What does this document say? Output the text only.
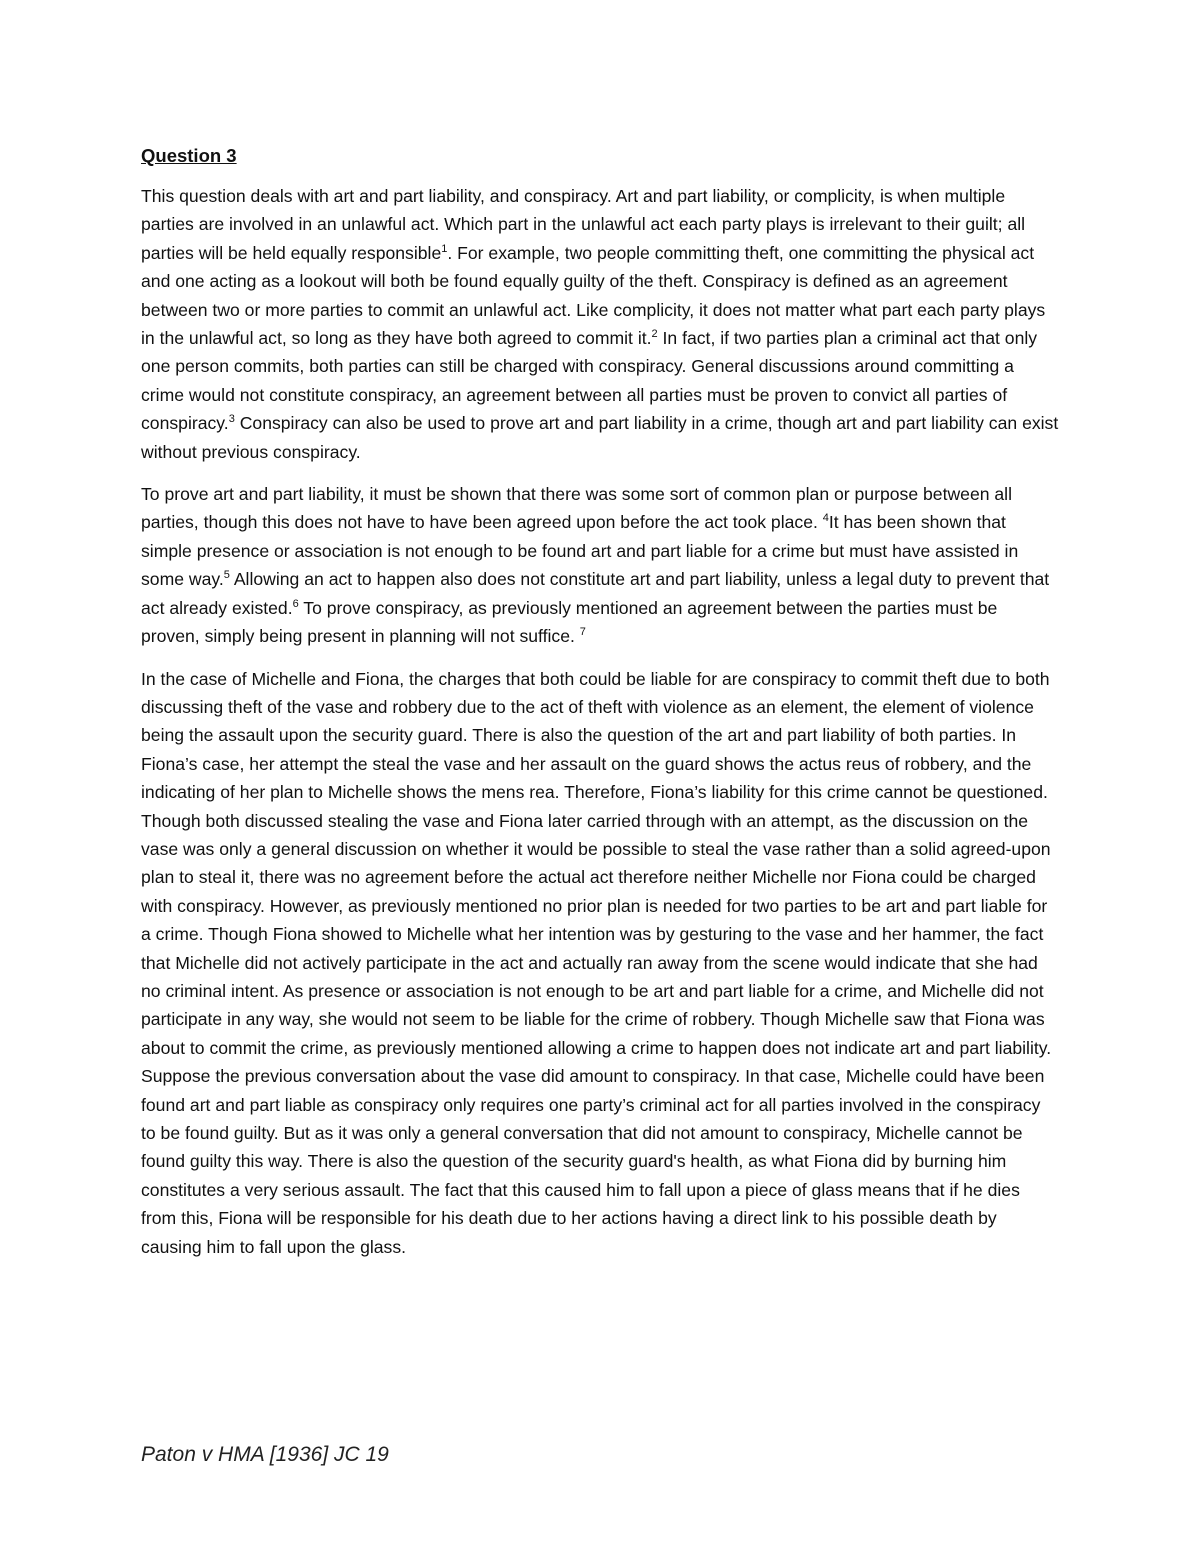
Question 3

This question deals with art and part liability, and conspiracy. Art and part liability, or complicity, is when multiple parties are involved in an unlawful act. Which part in the unlawful act each party plays is irrelevant to their guilt; all parties will be held equally responsible$^1$. For example, two people committing theft, one committing the physical act and one acting as a lookout will both be found equally guilty of the theft. Conspiracy is defined as an agreement between two or more parties to commit an unlawful act. Like complicity, it does not matter what part each party plays in the unlawful act, so long as they have both agreed to commit it.$^2$ In fact, if two parties plan a criminal act that only one person commits, both parties can still be charged with conspiracy. General discussions around committing a crime would not constitute conspiracy, an agreement between all parties must be proven to convict all parties of conspiracy.$^3$ Conspiracy can also be used to prove art and part liability in a crime, though art and part liability can exist without previous conspiracy.

To prove art and part liability, it must be shown that there was some sort of common plan or purpose between all parties, though this does not have to have been agreed upon before the act took place. $^4$It has been shown that simple presence or association is not enough to be found art and part liable for a crime but must have assisted in some way.$^5$ Allowing an act to happen also does not constitute art and part liability, unless a legal duty to prevent that act already existed.$^6$ To prove conspiracy, as previously mentioned an agreement between the parties must be proven, simply being present in planning will not suffice. $^7$

In the case of Michelle and Fiona, the charges that both could be liable for are conspiracy to commit theft due to both discussing theft of the vase and robbery due to the act of theft with violence as an element, the element of violence being the assault upon the security guard. There is also the question of the art and part liability of both parties. In Fiona’s case, her attempt the steal the vase and her assault on the guard shows the actus reus of robbery, and the indicating of her plan to Michelle shows the mens rea. Therefore, Fiona’s liability for this crime cannot be questioned. Though both discussed stealing the vase and Fiona later carried through with an attempt, as the discussion on the vase was only a general discussion on whether it would be possible to steal the vase rather than a solid agreed-upon plan to steal it, there was no agreement before the actual act therefore neither Michelle nor Fiona could be charged with conspiracy. However, as previously mentioned no prior plan is needed for two parties to be art and part liable for a crime. Though Fiona showed to Michelle what her intention was by gesturing to the vase and her hammer, the fact that Michelle did not actively participate in the act and actually ran away from the scene would indicate that she had no criminal intent. As presence or association is not enough to be art and part liable for a crime, and Michelle did not participate in any way, she would not seem to be liable for the crime of robbery. Though Michelle saw that Fiona was about to commit the crime, as previously mentioned allowing a crime to happen does not indicate art and part liability. Suppose the previous conversation about the vase did amount to conspiracy. In that case, Michelle could have been found art and part liable as conspiracy only requires one party’s criminal act for all parties involved in the conspiracy to be found guilty. But as it was only a general conversation that did not amount to conspiracy, Michelle cannot be found guilty this way. There is also the question of the security guard's health, as what Fiona did by burning him constitutes a very serious assault. The fact that this caused him to fall upon a piece of glass means that if he dies from this, Fiona will be responsible for his death due to her actions having a direct link to his possible death by causing him to fall upon the glass.

Paton v HMA [1936] JC 19
